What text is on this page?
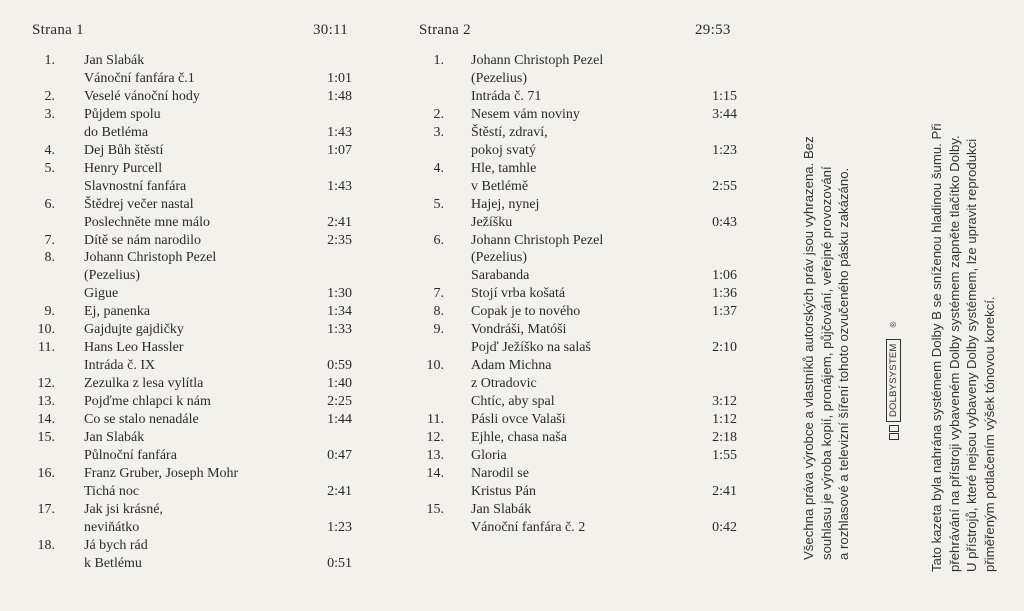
Strana 1	30:11
1. Jan Slabák
Vánoční fanfára č.1	1:01
2. Veselé vánoční hody	1:48
3. Půjdem spolu
do Betléma	1:43
4. Dej Bůh štěstí	1:07
5. Henry Purcell
Slavnostní fanfára	1:43
6. Štědrej večer nastal
Poslechněte mne málo	2:41
7. Dítě se nám narodilo	2:35
8. Johann Christoph Pezel
(Pezelius)
Gigue	1:30
9. Ej, panenka	1:34
10. Gajdujte gajdičky	1:33
11. Hans Leo Hassler
Intráda č. IX	0:59
12. Zezulka z lesa vylítla	1:40
13. Pojďme chlapci k nám	2:25
14. Co se stalo nenadále	1:44
15. Jan Slabák
Půlnoční fanfára	0:47
16. Franz Gruber, Joseph Mohr
Tichá noc	2:41
17. Jak jsi krásné,
neviňátko	1:23
18. Já bych rád
k Betlému	0:51
Strana 2	29:53
1. Johann Christoph Pezel
(Pezelius)
Intráda č. 71	1:15
2. Nesem vám noviny	3:44
3. Štěstí, zdraví,
pokoj svatý	1:23
4. Hle, tamhle
v Betlémě	2:55
5. Hajej, nynej
Ježíšku	0:43
6. Johann Christoph Pezel
(Pezelius)
Sarabanda	1:06
7. Stojí vrba košatá	1:36
8. Copak je to nového	1:37
9. Vondráši, Matóši
Pojď Ježíško na salaš	2:10
10. Adam Michna
z Otradovic
Chtíc, aby spal	3:12
11. Pásli ovce Valaši	1:12
12. Ejhle, chasa naša	2:18
13. Gloria	1:55
14. Narodil se
Kristus Pán	2:41
15. Jan Slabák
Vánoční fanfára č. 2	0:42	Všechna práva výrobce a vlastníků autorských práv jsou vyhrazena. Bez souhlasu je výroba kopií, pronájem, půjčování, veřejné provozování a rozhlasové a televizní šíření tohoto ozvučeného pásku zakázáno.	DOLBYSYSTEM
® Tato kazeta byla nahrána systémem Dolby B se sníženou hladinou šumu. Při přehrávání na přístroji vybaveném Dolby systémem zapněte tlačítko Dolby. U přístrojů, které nejsou vybaveny Dolby systémem, lze upravit reprodukci přiměřeným potlačením výšek tónovou korekcí.
